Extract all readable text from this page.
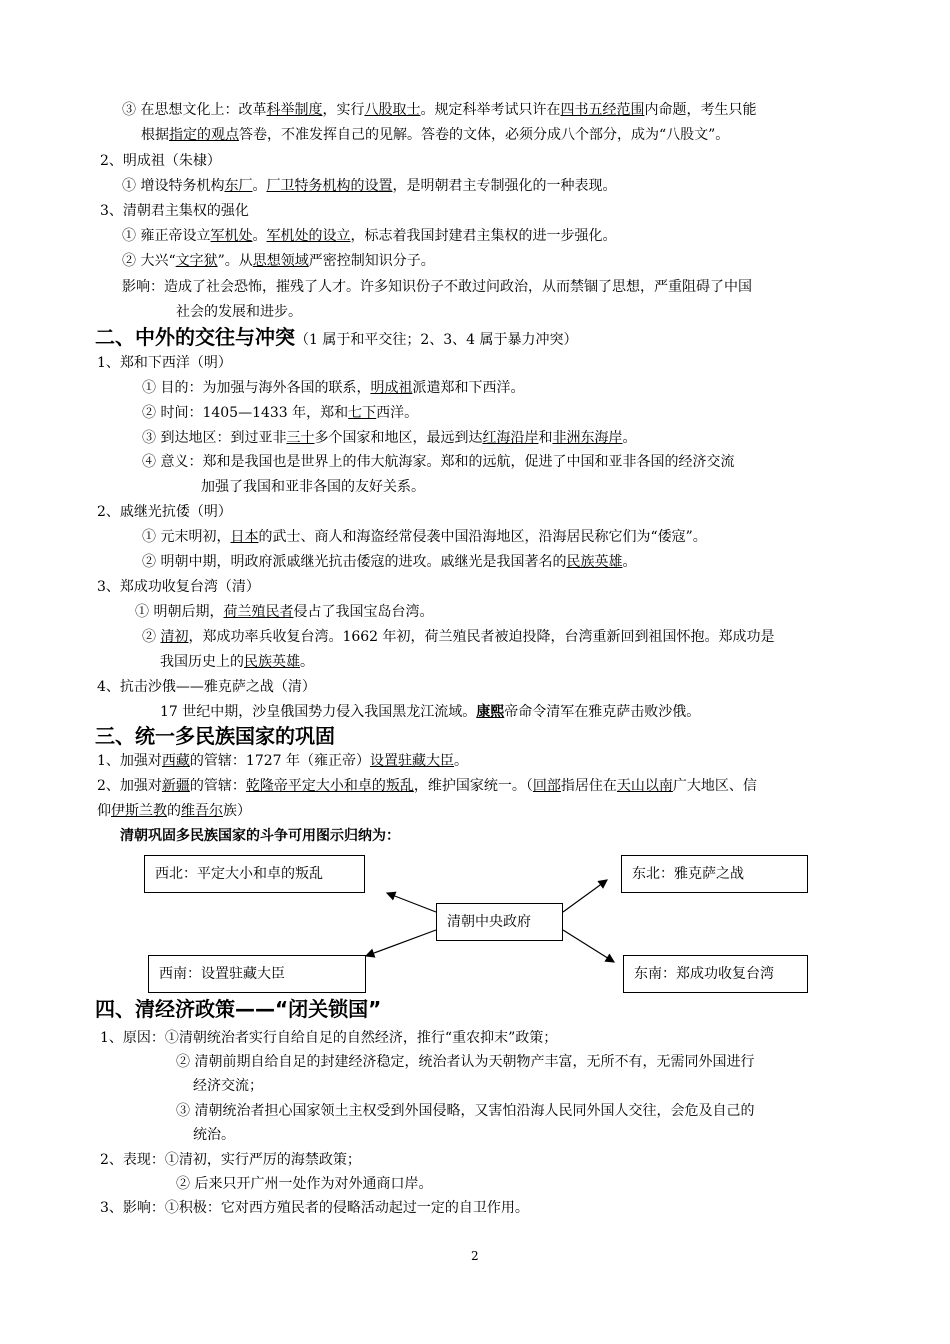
③ 在思想文化上：改革科举制度，实行八股取士。规定科举考试只许在四书五经范围内命题，考生只能
根据指定的观点答卷，不准发挥自己的见解。答卷的文体，必须分成八个部分，成为“八股文”。
2、明成祖（朱棣）
① 增设特务机构东厂。厂卫特务机构的设置，是明朝君主专制强化的一种表现。
3、清朝君主集权的强化
① 雍正帝设立军机处。军机处的设立，标志着我国封建君主集权的进一步强化。
② 大兴“文字狱”。从思想领域严密控制知识分子。
影响：造成了社会恐怖，摧残了人才。许多知识份子不敢过问政治，从而禁锢了思想，严重阻碍了中国
社会的发展和进步。
1、郑和下西洋（明）
① 目的：为加强与海外各国的联系，明成祖派遣郑和下西洋。
② 时间：1405—1433 年，郑和七下西洋。
③ 到达地区：到过亚非三十多个国家和地区，最远到达红海沿岸和非洲东海岸。
④ 意义：郑和是我国也是世界上的伟大航海家。郑和的远航，促进了中国和亚非各国的经济交流
加强了我国和亚非各国的友好关系。
2、戚继光抗倭（明）
① 元末明初，日本的武士、商人和海盗经常侵袭中国沿海地区，沿海居民称它们为“倭寇”。
② 明朝中期，明政府派戚继光抗击倭寇的进攻。戚继光是我国著名的民族英雄。
3、郑成功收复台湾（清）
① 明朝后期，荷兰殖民者侵占了我国宝岛台湾。
② 清初，郑成功率兵收复台湾。1662 年初，荷兰殖民者被迫投降，台湾重新回到祖国怀抱。郑成功是
我国历史上的民族英雄。
4、抗击沙俄——雅克萨之战（清）
17 世纪中期，沙皇俄国势力侵入我国黑龙江流域。康熙帝命令清军在雅克萨击败沙俄。
1、加强对西藏的管辖：1727 年（雍正帝）设置驻藏大臣。
2、加强对新疆的管辖：乾隆帝平定大小和卓的叛乱，维护国家统一。（回部指居住在天山以南广大地区、信
仰伊斯兰教的维吾尔族）
1、原因：①清朝统治者实行自给自足的自然经济，推行“重农抑末”政策；
② 清朝前期自给自足的封建经济稳定，统治者认为天朝物产丰富，无所不有，无需同外国进行
经济交流；
③ 清朝统治者担心国家领土主权受到外国侵略，又害怕沿海人民同外国人交往，会危及自己的
统治。
2、表现：①清初，实行严厉的海禁政策；
② 后来只开广州一处作为对外通商口岸。
3、影响：①积极：它对西方殖民者的侵略活动起过一定的自卫作用。
二、中外的交往与冲突（1 属于和平交往；2、3、4 属于暴力冲突）
三、统一多民族国家的巩固
四、清经济政策——“闭关锁国”
清朝巩固多民族国家的斗争可用图示归纳为：
西北：平定大小和卓的叛乱	东北：雅克萨之战
清朝中央政府
西南：设置驻藏大臣	东南：郑成功收复台湾
2
